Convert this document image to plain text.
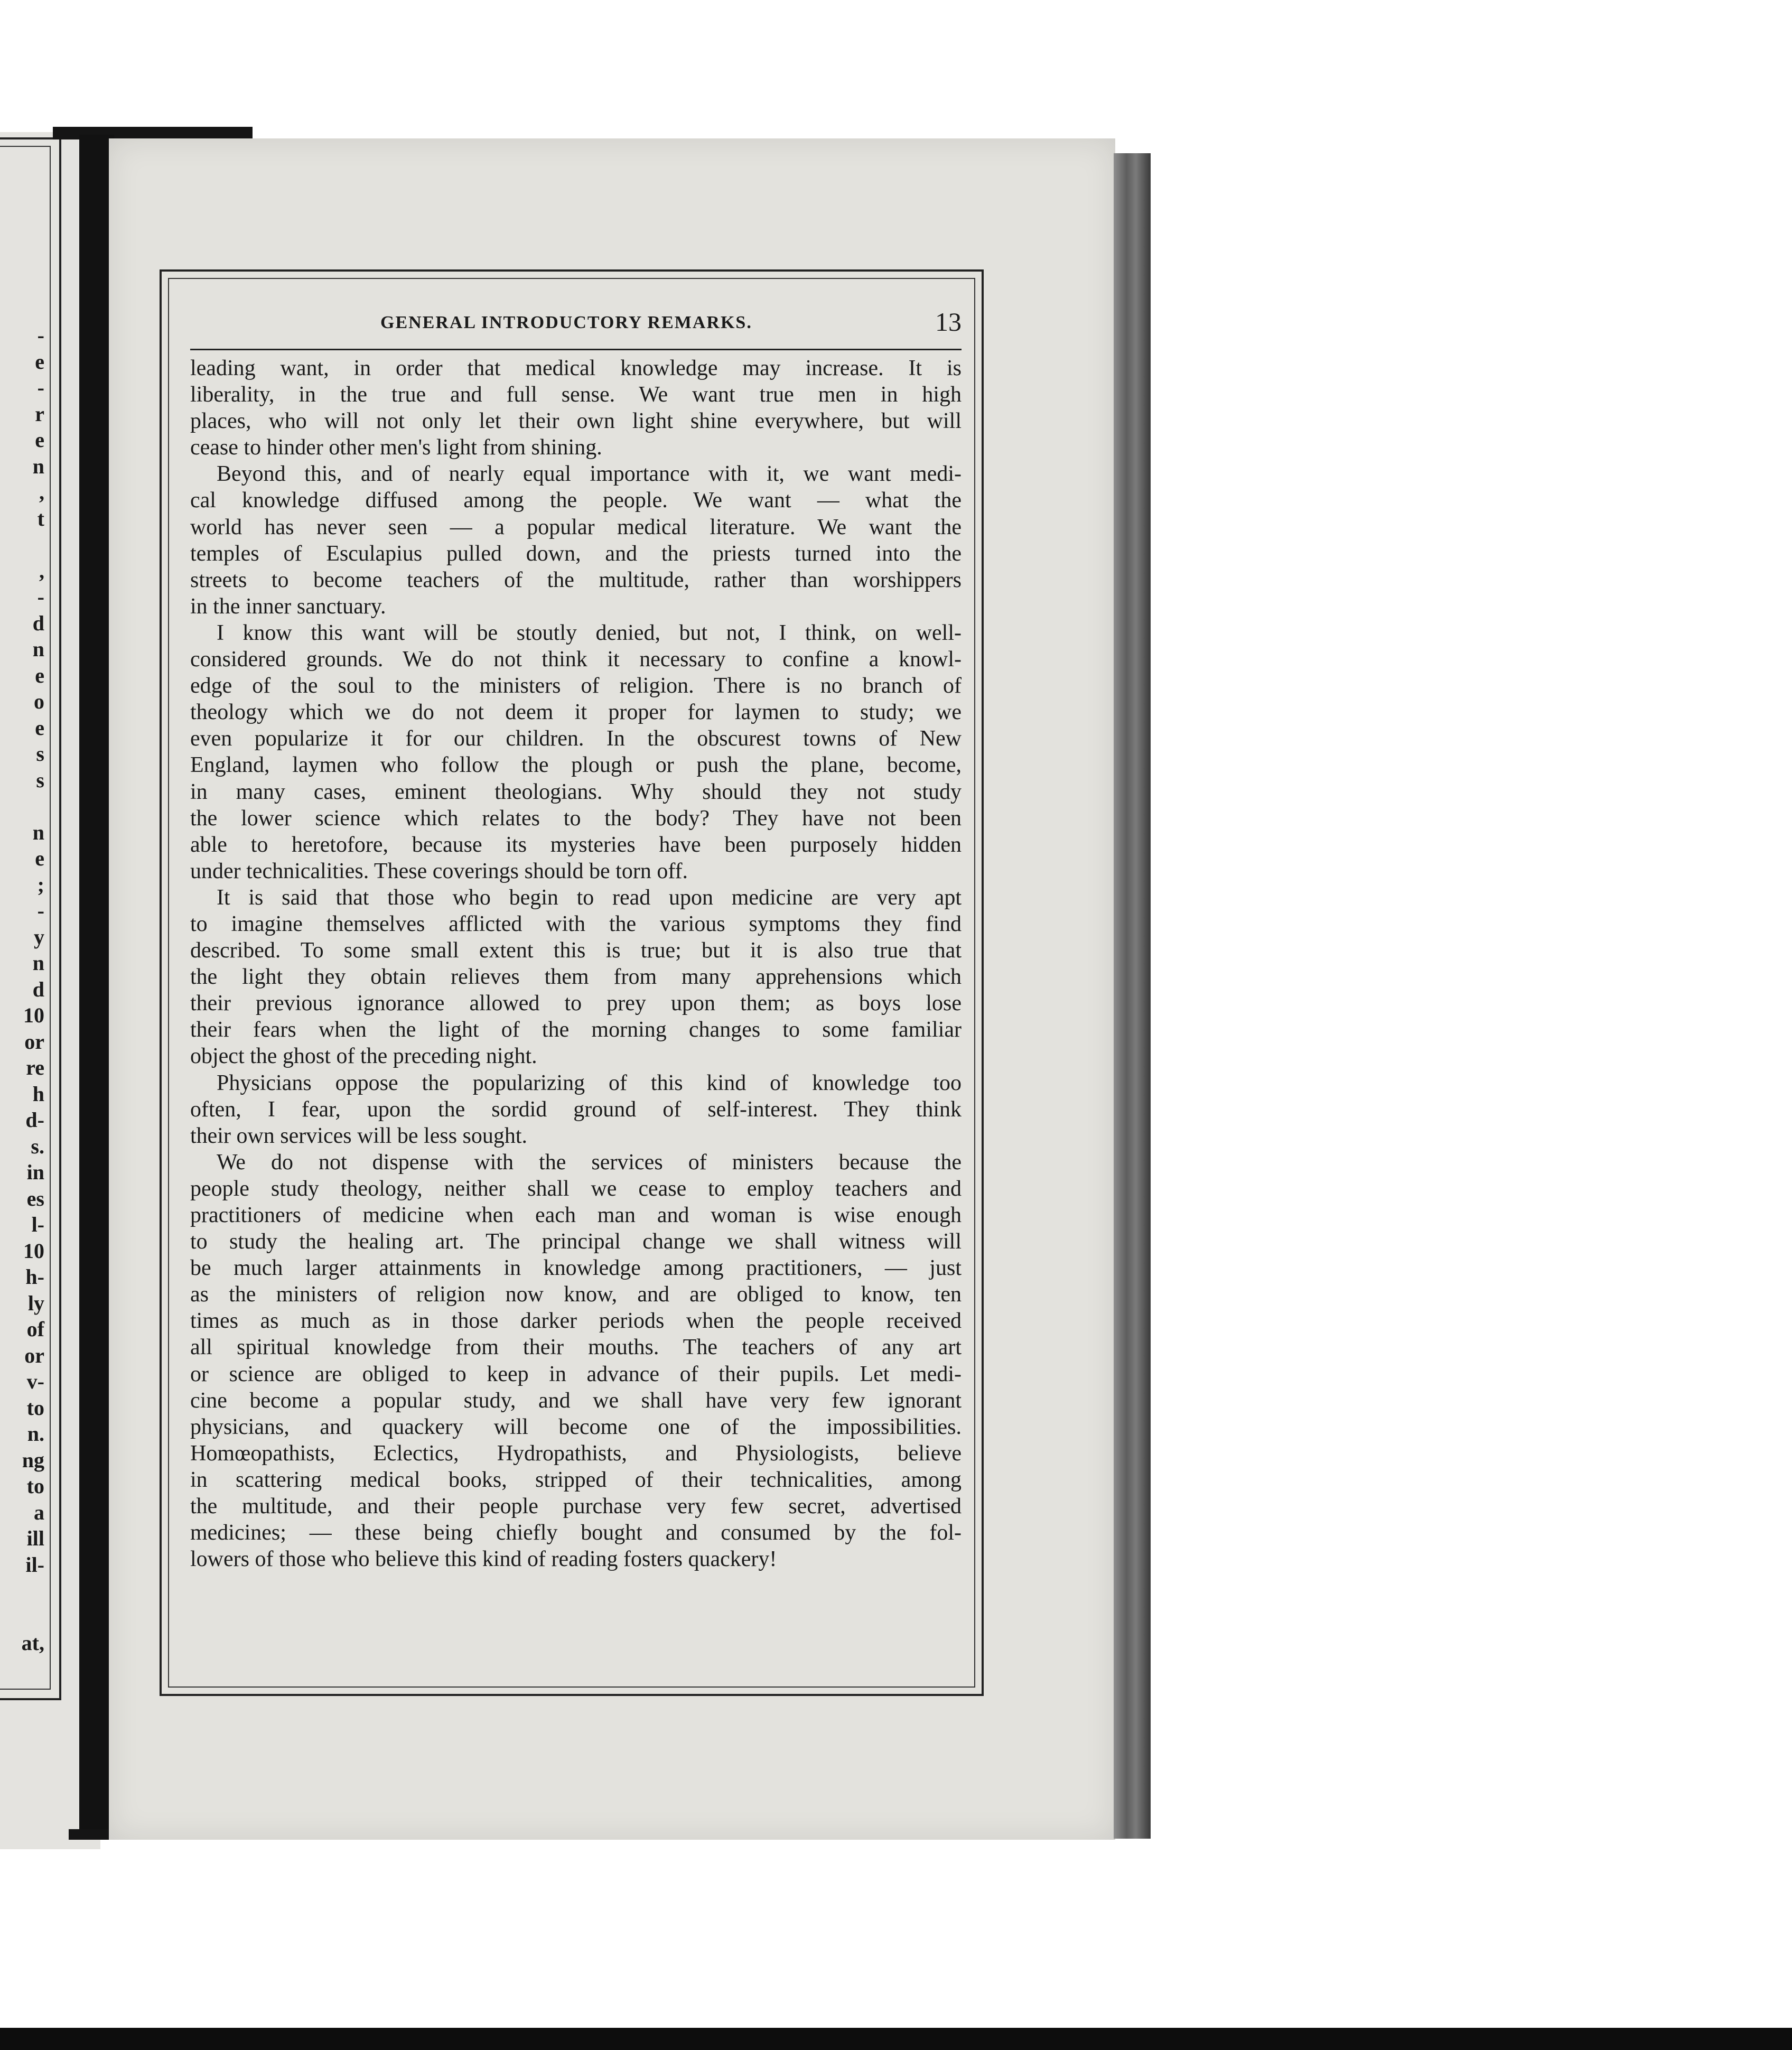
-
e
-
r
e
n
,
t
,
-
d
n
e
o
e
s
s
n
e
;
-
y
n
d
10
or
re
h
d-
s.
in
es
l-
10
h-
ly
of
or
v-
to
n.
ng
to
a
ill
il-
at,
GENERAL INTRODUCTORY REMARKS.	13
leading want, in order that medical knowledge may increase. It is
liberality, in the true and full sense. We want true men in high
places, who will not only let their own light shine everywhere, but will
cease to hinder other men's light from shining.
Beyond this, and of nearly equal importance with it, we want medi-
cal knowledge diffused among the people. We want — what the
world has never seen — a popular medical literature. We want the
temples of Esculapius pulled down, and the priests turned into the
streets to become teachers of the multitude, rather than worshippers
in the inner sanctuary.
I know this want will be stoutly denied, but not, I think, on well-
considered grounds. We do not think it necessary to confine a knowl-
edge of the soul to the ministers of religion. There is no branch of
theology which we do not deem it proper for laymen to study; we
even popularize it for our children. In the obscurest towns of New
England, laymen who follow the plough or push the plane, become,
in many cases, eminent theologians. Why should they not study
the lower science which relates to the body? They have not been
able to heretofore, because its mysteries have been purposely hidden
under technicalities. These coverings should be torn off.
It is said that those who begin to read upon medicine are very apt
to imagine themselves afflicted with the various symptoms they find
described. To some small extent this is true; but it is also true that
the light they obtain relieves them from many apprehensions which
their previous ignorance allowed to prey upon them; as boys lose
their fears when the light of the morning changes to some familiar
object the ghost of the preceding night.
Physicians oppose the popularizing of this kind of knowledge too
often, I fear, upon the sordid ground of self-interest. They think
their own services will be less sought.
We do not dispense with the services of ministers because the
people study theology, neither shall we cease to employ teachers and
practitioners of medicine when each man and woman is wise enough
to study the healing art. The principal change we shall witness will
be much larger attainments in knowledge among practitioners, — just
as the ministers of religion now know, and are obliged to know, ten
times as much as in those darker periods when the people received
all spiritual knowledge from their mouths. The teachers of any art
or science are obliged to keep in advance of their pupils. Let medi-
cine become a popular study, and we shall have very few ignorant
physicians, and quackery will become one of the impossibilities.
Homœopathists, Eclectics, Hydropathists, and Physiologists, believe
in scattering medical books, stripped of their technicalities, among
the multitude, and their people purchase very few secret, advertised
medicines; — these being chiefly bought and consumed by the fol-
lowers of those who believe this kind of reading fosters quackery!
